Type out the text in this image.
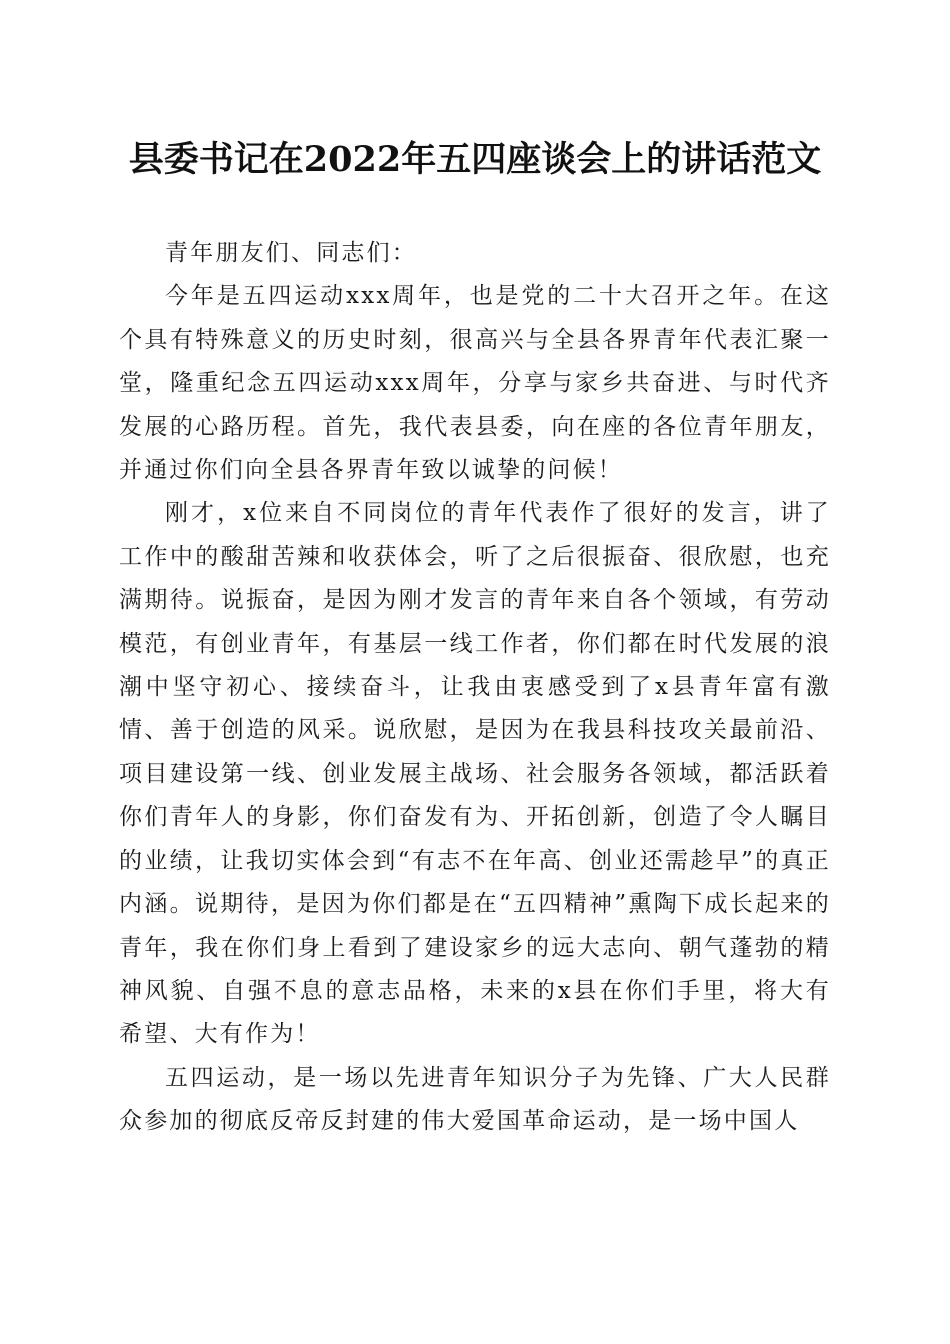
县委书记在2022年五四座谈会上的讲话范文

青年朋友们、同志们：

今年是五四运动xxx周年，也是党的二十大召开之年。在这个具有特殊意义的历史时刻，很高兴与全县各界青年代表汇聚一堂，隆重纪念五四运动xxx周年，分享与家乡共奋进、与时代齐发展的心路历程。首先，我代表县委，向在座的各位青年朋友，并通过你们向全县各界青年致以诚挚的问候！

刚才，x位来自不同岗位的青年代表作了很好的发言，讲了工作中的酸甜苦辣和收获体会，听了之后很振奋、很欣慰，也充满期待。说振奋，是因为刚才发言的青年来自各个领域，有劳动模范，有创业青年，有基层一线工作者，你们都在时代发展的浪潮中坚守初心、接续奋斗，让我由衷感受到了x县青年富有激情、善于创造的风采。说欣慰，是因为在我县科技攻关最前沿、项目建设第一线、创业发展主战场、社会服务各领域，都活跃着你们青年人的身影，你们奋发有为、开拓创新，创造了令人瞩目的业绩，让我切实体会到“有志不在年高、创业还需趁早”的真正内涵。说期待，是因为你们都是在“五四精神”熏陶下成长起来的青年，我在你们身上看到了建设家乡的远大志向、朝气蓬勃的精神风貌、自强不息的意志品格，未来的x县在你们手里，将大有希望、大有作为！

五四运动，是一场以先进青年知识分子为先锋、广大人民群众参加的彻底反帝反封建的伟大爱国革命运动，是一场中国人
